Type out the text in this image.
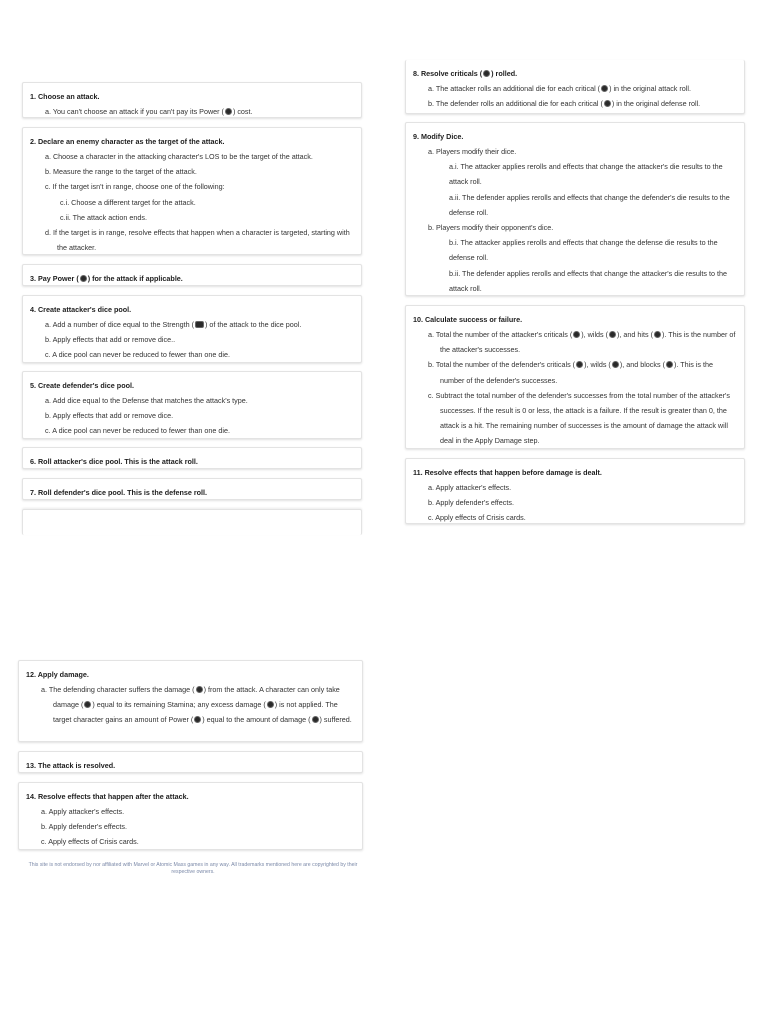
1. Choose an attack.
a. You can't choose an attack if you can't pay its Power ( ) cost.
2. Declare an enemy character as the target of the attack.
a. Choose a character in the attacking character's LOS to be the target of the attack.
b. Measure the range to the target of the attack.
c. If the target isn't in range, choose one of the following:
c.i. Choose a different target for the attack.
c.ii. The attack action ends.
d. If the target is in range, resolve effects that happen when a character is targeted, starting with the attacker.
3. Pay Power ( ) for the attack if applicable.
4. Create attacker's dice pool.
a. Add a number of dice equal to the Strength ( ) of the attack to the dice pool.
b. Apply effects that add or remove dice..
c. A dice pool can never be reduced to fewer than one die.
5. Create defender's dice pool.
a. Add dice equal to the Defense that matches the attack's type.
b. Apply effects that add or remove dice.
c. A dice pool can never be reduced to fewer than one die.
6. Roll attacker's dice pool. This is the attack roll.
7. Roll defender's dice pool. This is the defense roll.
8. Resolve criticals ( ) rolled.
a. The attacker rolls an additional die for each critical ( ) in the original attack roll.
b. The defender rolls an additional die for each critical ( ) in the original defense roll.
9. Modify Dice.
a. Players modify their dice.
a.i. The attacker applies rerolls and effects that change the attacker's die results to the attack roll.
a.ii. The defender applies rerolls and effects that change the defender's die results to the defense roll.
b. Players modify their opponent's dice.
b.i. The attacker applies rerolls and effects that change the defense die results to the defense roll.
b.ii. The defender applies rerolls and effects that change the attacker's die results to the attack roll.
10. Calculate success or failure.
a. Total the number of the attacker's criticals ( ), wilds ( ), and hits ( ). This is the number of the attacker's successes.
b. Total the number of the defender's criticals ( ), wilds ( ), and blocks ( ). This is the number of the defender's successes.
c. Subtract the total number of the defender's successes from the total number of the attacker's successes. If the result is 0 or less, the attack is a failure. If the result is greater than 0, the attack is a hit. The remaining number of successes is the amount of damage the attack will deal in the Apply Damage step.
11. Resolve effects that happen before damage is dealt.
a. Apply attacker's effects.
b. Apply defender's effects.
c. Apply effects of Crisis cards.
12. Apply damage.
a. The defending character suffers the damage ( ) from the attack. A character can only take damage ( ) equal to its remaining Stamina; any excess damage ( ) is not applied. The target character gains an amount of Power ( ) equal to the amount of damage ( ) suffered.
13. The attack is resolved.
14. Resolve effects that happen after the attack.
a. Apply attacker's effects.
b. Apply defender's effects.
c. Apply effects of Crisis cards.
This site is not endorsed by nor affiliated with Marvel or Atomic Mass games in any way. All trademarks mentioned here are copyrighted by their respective owners.
